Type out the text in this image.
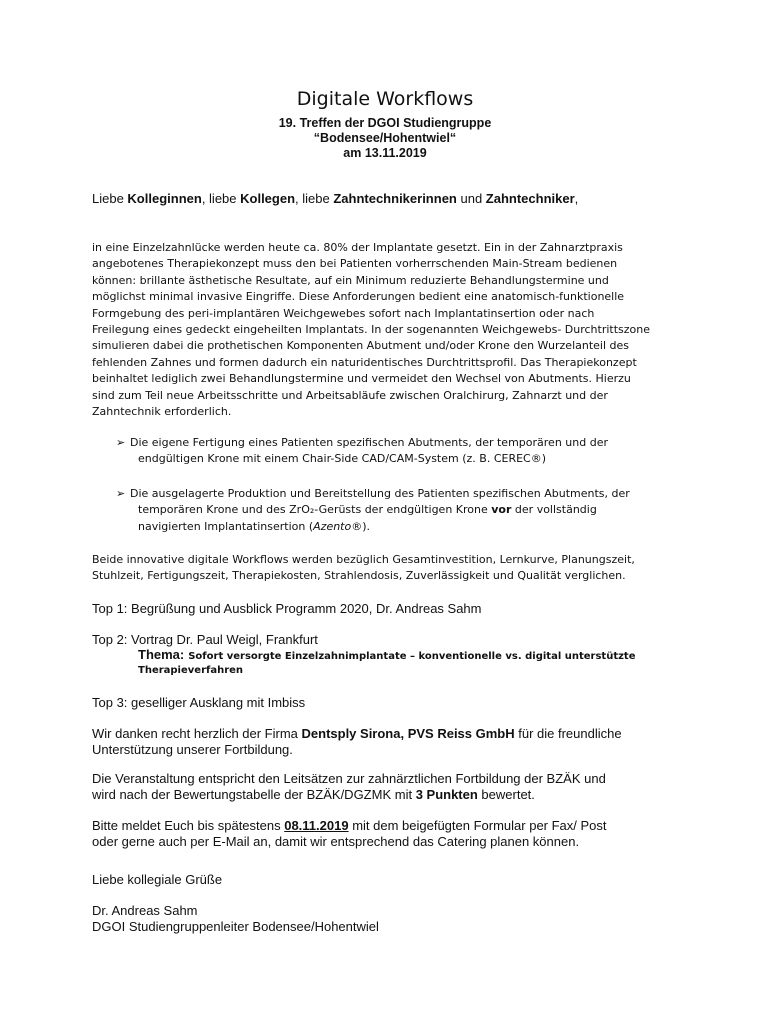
Digitale Workflows
19. Treffen der DGOI Studiengruppe
“Bodensee/Hohentwiel“
am 13.11.2019
Liebe Kolleginnen, liebe Kollegen, liebe Zahntechnikerinnen und Zahntechniker,
in eine Einzelzahnlücke werden heute ca. 80% der Implantate gesetzt. Ein in der Zahnarztpraxis
angebotenes Therapiekonzept muss den bei Patienten vorherrschenden Main-Stream bedienen
können: brillante ästhetische Resultate, auf ein Minimum reduzierte Behandlungstermine und
möglichst minimal invasive Eingriffe. Diese Anforderungen bedient eine anatomisch-funktionelle
Formgebung des peri-implantären Weichgewebes sofort nach Implantatinsertion oder nach
Freilegung eines gedeckt eingeheilten Implantats. In der sogenannten Weichgewebs- Durchtrittszone
simulieren dabei die prothetischen Komponenten Abutment und/oder Krone den Wurzelanteil des
fehlenden Zahnes und formen dadurch ein naturidentisches Durchtrittsprofil. Das Therapiekonzept
beinhaltet lediglich zwei Behandlungstermine und vermeidet den Wechsel von Abutments. Hierzu
sind zum Teil neue Arbeitsschritte und Arbeitsabläufe zwischen Oralchirurg, Zahnarzt und der
Zahntechnik erforderlich.
➢ Die eigene Fertigung eines Patienten spezifischen Abutments, der temporären und der
endgültigen Krone mit einem Chair-Side CAD/CAM-System (z. B. CEREC®)
➢ Die ausgelagerte Produktion und Bereitstellung des Patienten spezifischen Abutments, der
temporären Krone und des ZrO₂-Gerüsts der endgültigen Krone vor der vollständig
navigierten Implantatinsertion (Azento®).
Beide innovative digitale Workflows werden bezüglich Gesamtinvestition, Lernkurve, Planungszeit,
Stuhlzeit, Fertigungszeit, Therapiekosten, Strahlendosis, Zuverlässigkeit und Qualität verglichen.
Top 1: Begrüßung und Ausblick Programm 2020, Dr. Andreas Sahm
Top 2: Vortrag Dr. Paul Weigl, Frankfurt
Thema: Sofort versorgte Einzelzahnimplantate – konventionelle vs. digital unterstützte
Therapieverfahren
Top 3: geselliger Ausklang mit Imbiss
Wir danken recht herzlich der Firma Dentsply Sirona, PVS Reiss GmbH für die freundliche
Unterstützung unserer Fortbildung.
Die Veranstaltung entspricht den Leitsätzen zur zahnärztlichen Fortbildung der BZÄK und
wird nach der Bewertungstabelle der BZÄK/DGZMK mit 3 Punkten bewertet.
Bitte meldet Euch bis spätestens 08.11.2019 mit dem beigefügten Formular per Fax/ Post
oder gerne auch per E-Mail an, damit wir entsprechend das Catering planen können.
Liebe kollegiale Grüße
Dr. Andreas Sahm
DGOI Studiengruppenleiter Bodensee/Hohentwiel
